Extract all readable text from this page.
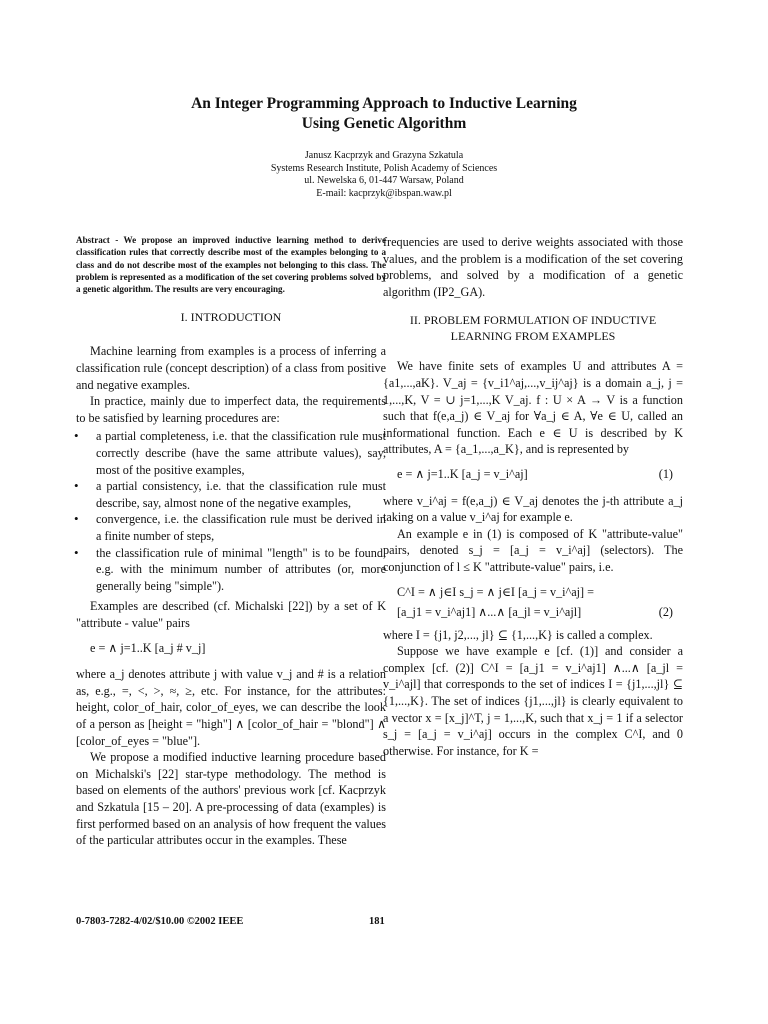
An Integer Programming Approach to Inductive Learning
Using Genetic Algorithm
Janusz Kacprzyk and Grazyna Szkatula
Systems Research Institute, Polish Academy of Sciences
ul. Newelska 6, 01-447 Warsaw, Poland
E-mail: kacprzyk@ibspan.waw.pl

Abstract - We propose an improved inductive learning method to derive classification rules that correctly describe most of the examples belonging to a class and do not describe most of the examples not belonging to this class. The problem is represented as a modification of the set covering problems solved by a genetic algorithm. The results are very encouraging.

I. INTRODUCTION

Machine learning from examples is a process of inferring a classification rule (concept description) of a class from positive and negative examples.

In practice, mainly due to imperfect data, the requirements to be satisfied by learning procedures are:

• a partial completeness, i.e. that the classification rule must correctly describe (have the same attribute values), say, most of the positive examples,
• a partial consistency, i.e. that the classification rule must describe, say, almost none of the negative examples,
• convergence, i.e. the classification rule must be derived in a finite number of steps,
• the classification rule of minimal "length" is to be found, e.g. with the minimum number of attributes (or, more generally being "simple").

Examples are described (cf. Michalski [22]) by a set of K "attribute - value" pairs

e = ∧ j=1..K [a_j # v_j]

where a_j denotes attribute j with value v_j and # is a relation as, e.g., =, <, >, ≈, ≥, etc. For instance, for the attributes: height, color_of_hair, color_of_eyes, we can describe the look of a person as [height = "high"] ∧ [color_of_hair = "blond"] ∧ [color_of_eyes = "blue"].

We propose a modified inductive learning procedure based on Michalski's [22] star-type methodology. The method is based on elements of the authors' previous work [cf. Kacprzyk and Szkatula [15 – 20]. A pre-processing of data (examples) is first performed based on an analysis of how frequent the values of the particular attributes occur in the examples. These

frequencies are used to derive weights associated with those values, and the problem is a modification of the set covering problems, and solved by a modification of a genetic algorithm (IP2_GA).

II. PROBLEM FORMULATION OF INDUCTIVE
LEARNING FROM EXAMPLES

We have finite sets of examples U and attributes A = {a1,...,aK}. V_aj = {v_i1^aj,...,v_ij^aj} is a domain a_j, j = 1,...,K, V = ∪ j=1,...,K V_aj. f : U × A → V is a function such that f(e,a_j) ∈ V_aj for ∀a_j ∈ A, ∀e ∈ U, called an informational function. Each e ∈ U is described by K attributes, A = {a_1,...,a_K}, and is represented by

e = ∧ j=1..K [a_j = v_i^aj]	(1)

where v_i^aj = f(e,a_j) ∈ V_aj denotes the j-th attribute a_j taking on a value v_i^aj for example e.

An example e in (1) is composed of K "attribute-value" pairs, denoted s_j = [a_j = v_i^aj] (selectors). The conjunction of l ≤ K "attribute-value" pairs, i.e.

C^I = ∧ j∈I s_j = ∧ j∈I [a_j = v_i^aj] =
[a_j1 = v_i^aj1] ∧...∧ [a_jl = v_i^ajl]	(2)

where I = {j1, j2,..., jl} ⊆ {1,...,K} is called a complex.

Suppose we have example e [cf. (1)] and consider a complex [cf. (2)] C^I = [a_j1 = v_i^aj1] ∧...∧ [a_jl = v_i^ajl] that corresponds to the set of indices I = {j1,...,jl} ⊆ {1,...,K}. The set of indices {j1,...,jl} is clearly equivalent to a vector x = [x_j]^T, j = 1,...,K, such that x_j = 1 if a selector s_j = [a_j = v_i^aj] occurs in the complex C^I, and 0 otherwise. For instance, for K =

0-7803-7282-4/02/$10.00 ©2002 IEEE	181
